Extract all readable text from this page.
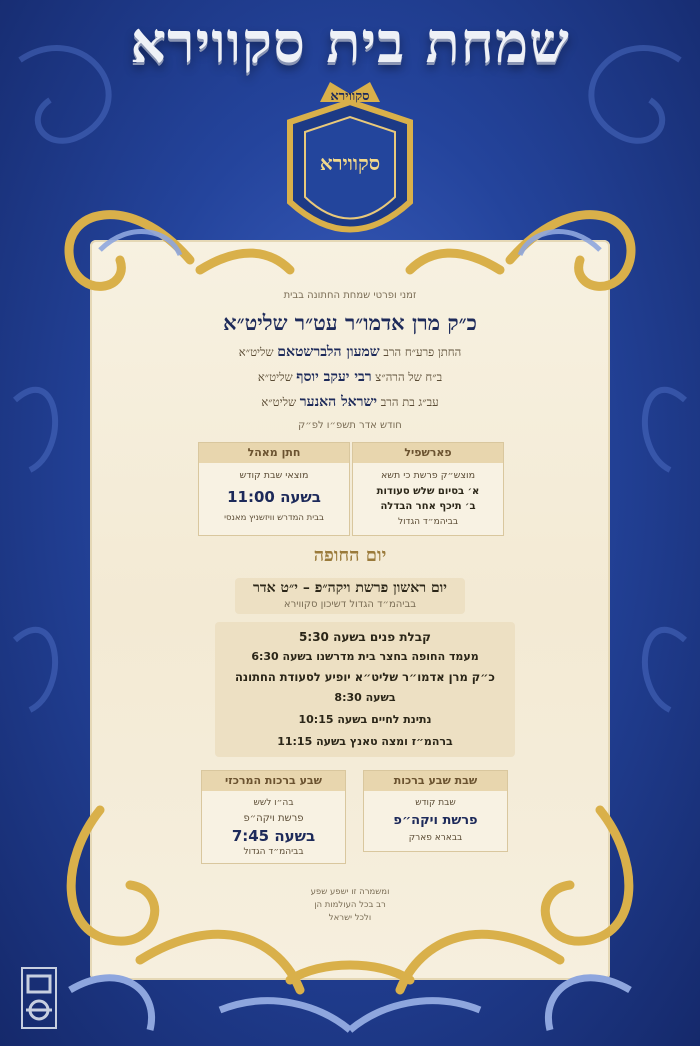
שמחת בית סקווירא
סקווירא
סקווירא
זמני ופרטי שמחת החתונה בבית
כ״ק מרן אדמו״ר עט״ר שליט״א
החתן פרע״ח הרב שמעון הלברשטאם שליט״א
ב״ח של הרה״צ רבי יעקב יוסף שליט״א
עב״ג בת הרב ישראל האנער שליט״א
חודש אדר תשפ״ו לפ״ק
פארשפיל
מוצש״ק פרשת כי תשא
א׳ בסיום שלש סעודות
ב׳ תיכף אחר הבדלה
בביהמ״ד הגדול
חתן מאהל
מוצאי שבת קודש
בשעה 11:00
בבית המדרש וויזשניץ מאנסי
יום החופה
יום ראשון פרשת ויקה״פ – י״ט אדר
בביהמ״ד הגדול דשיכון סקווירא
קבלת פנים בשעה 5:30
מעמד החופה בחצר בית מדרשנו בשעה 6:30
כ״ק מרן אדמו״ר שליט״א יופיע לסעודת החתונה
בשעה 8:30
נתינת לחיים בשעה 10:15
ברהמ״ז ומצה טאנץ בשעה 11:15
שבת שבע ברכות
שבת קודש
פרשת ויקה״פ
בבארא פארק
שבע ברכות המרכזי
בה״ו לשש
פרשת ויקה״פ
בשעה 7:45
בביהמ״ד הגדול
ומשמרה זו ישפע שפע
רב בכל העולמות הן
ולכל ישראל
